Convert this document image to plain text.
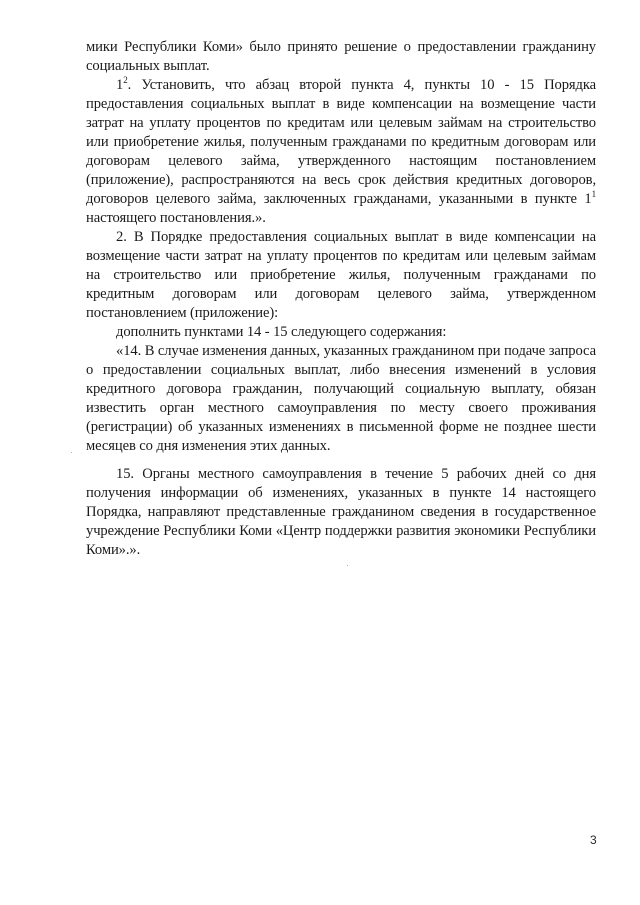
мики Республики Коми» было принято решение о предоставлении гражданину социальных выплат.

$1^2$. Установить, что абзац второй пункта 4, пункты 10 - 15 Порядка предоставления социальных выплат в виде компенсации на возмещение части затрат на уплату процентов по кредитам или целевым займам на строительство или приобретение жилья, полученным гражданами по кредитным договорам или договорам целевого займа, утвержденного настоящим постановлением (приложение), распространяются на весь срок действия кредитных договоров, договоров целевого займа, заключенных гражданами, указанными в пункте $1^1$ настоящего постановления.».

2. В Порядке предоставления социальных выплат в виде компенсации на возмещение части затрат на уплату процентов по кредитам или целевым займам на строительство или приобретение жилья, полученным гражданами по кредитным договорам или договорам целевого займа, утвержденном постановлением (приложение):

дополнить пунктами 14 - 15 следующего содержания:

«14. В случае изменения данных, указанных гражданином при подаче запроса о предоставлении социальных выплат, либо внесения изменений в условия кредитного договора гражданин, получающий социальную выплату, обязан известить орган местного самоуправления по месту своего проживания (регистрации) об указанных изменениях в письменной форме не позднее шести месяцев со дня изменения этих данных.

15. Органы местного самоуправления в течение 5 рабочих дней со дня получения информации об изменениях, указанных в пункте 14 настоящего Порядка, направляют представленные гражданином сведения в государственное учреждение Республики Коми «Центр поддержки развития экономики Республики Коми».».

3
